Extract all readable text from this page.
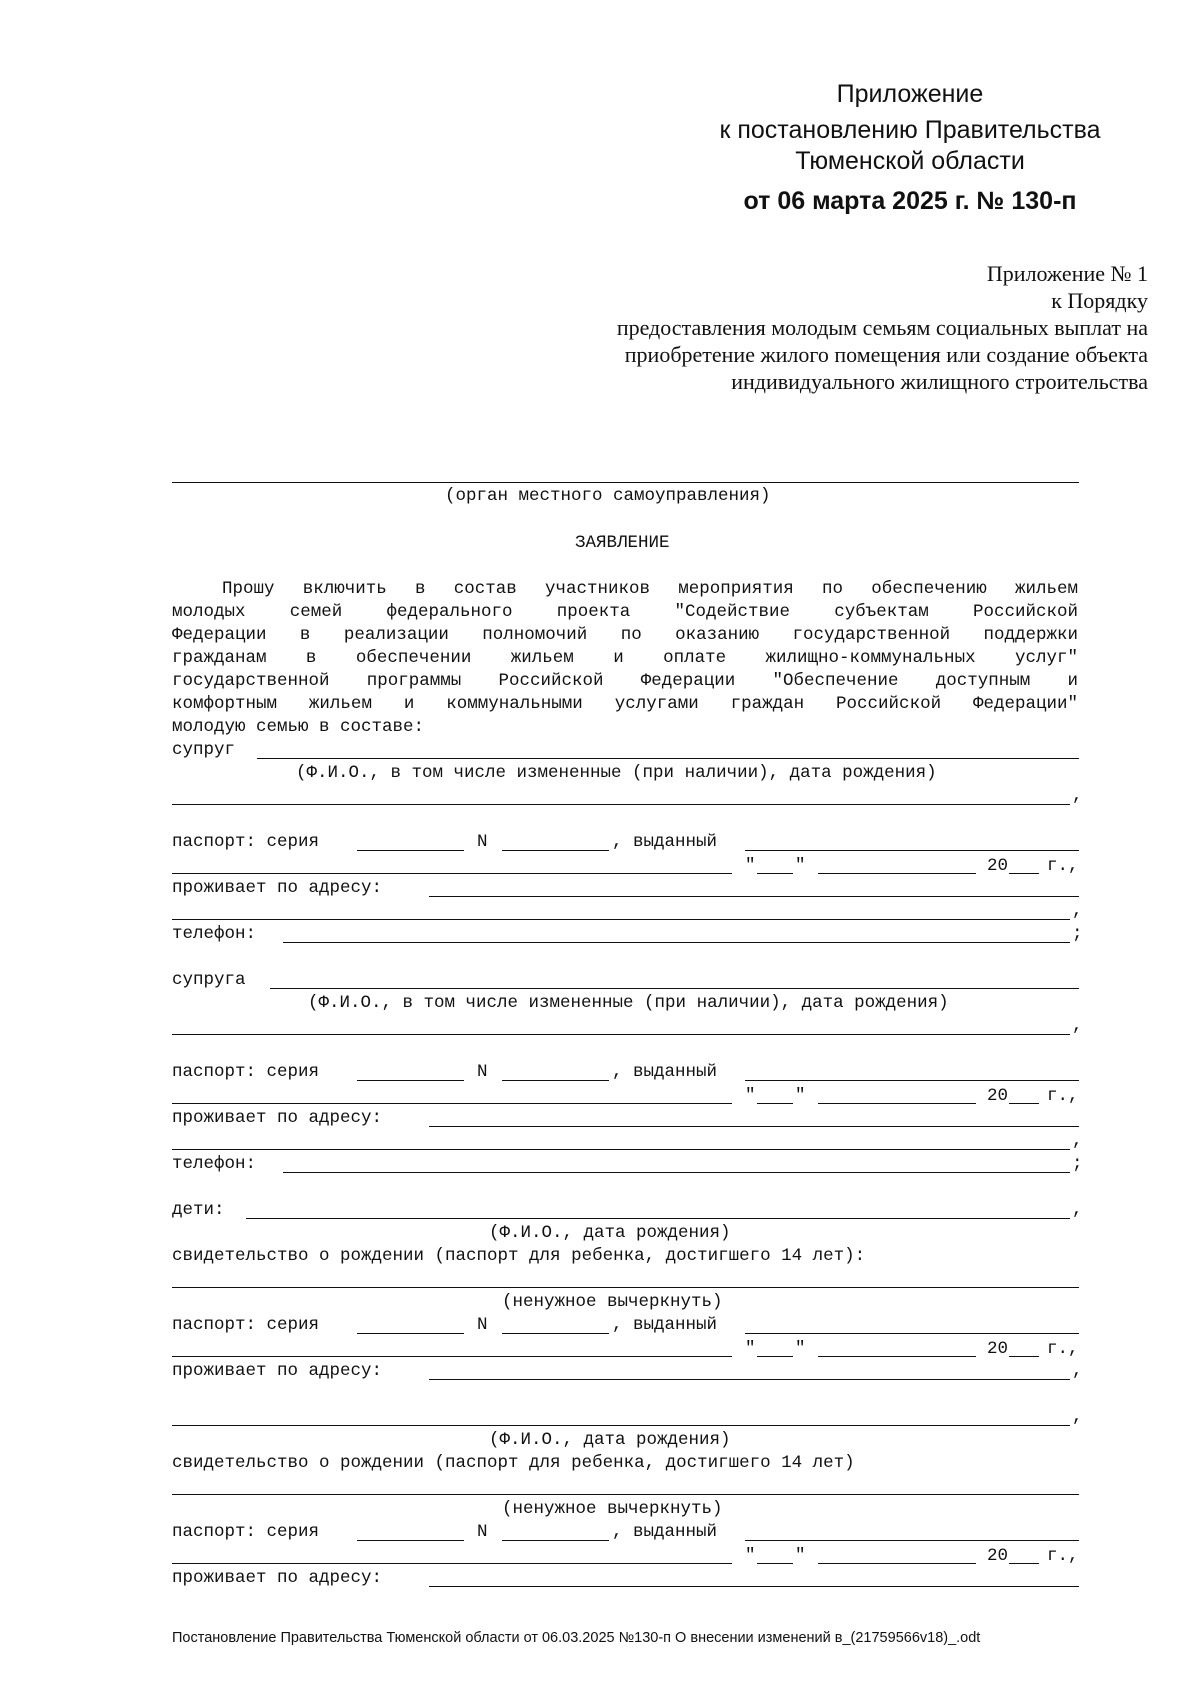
Приложение
к постановлению Правительства
Тюменской области
от 06 марта 2025 г. № 130-п
Приложение № 1
к Порядку
предоставления молодым семьям социальных выплат на
приобретение жилого помещения или создание объекта
индивидуального жилищного строительства
(орган местного самоуправления)
ЗАЯВЛЕНИЕ
Прошу включить в состав участников мероприятия по обеспечению жильем
молодых семей федерального проекта "Содействие субъектам Российской
Федерации в реализации полномочий по оказанию государственной поддержки
гражданам в обеспечении жильем и оплате жилищно-коммунальных услуг"
государственной программы Российской Федерации "Обеспечение доступным и
комфортным жильем и коммунальными услугами граждан Российской Федерации"
молодую семью в составе:
супруг
(Ф.И.О., в том числе измененные (при наличии), дата рождения)
,
паспорт: серия	N	, выданный
" "	20 г.,
проживает по адресу:
,
телефон:	;
супруга
(Ф.И.О., в том числе измененные (при наличии), дата рождения)
,
паспорт: серия	N	, выданный
" "	20 г.,
проживает по адресу:
,
телефон:	;
дети:	,
(Ф.И.О., дата рождения)
свидетельство о рождении (паспорт для ребенка, достигшего 14 лет):
(ненужное вычеркнуть)
паспорт: серия	N	, выданный
" "	20 г.,
проживает по адресу:	,
,
(Ф.И.О., дата рождения)
свидетельство о рождении (паспорт для ребенка, достигшего 14 лет)
(ненужное вычеркнуть)
паспорт: серия	N	, выданный
" "	20 г.,
проживает по адресу:
Постановление Правительства Тюменской области от 06.03.2025 №130-п О внесении изменений в_(21759566v18)_.odt
